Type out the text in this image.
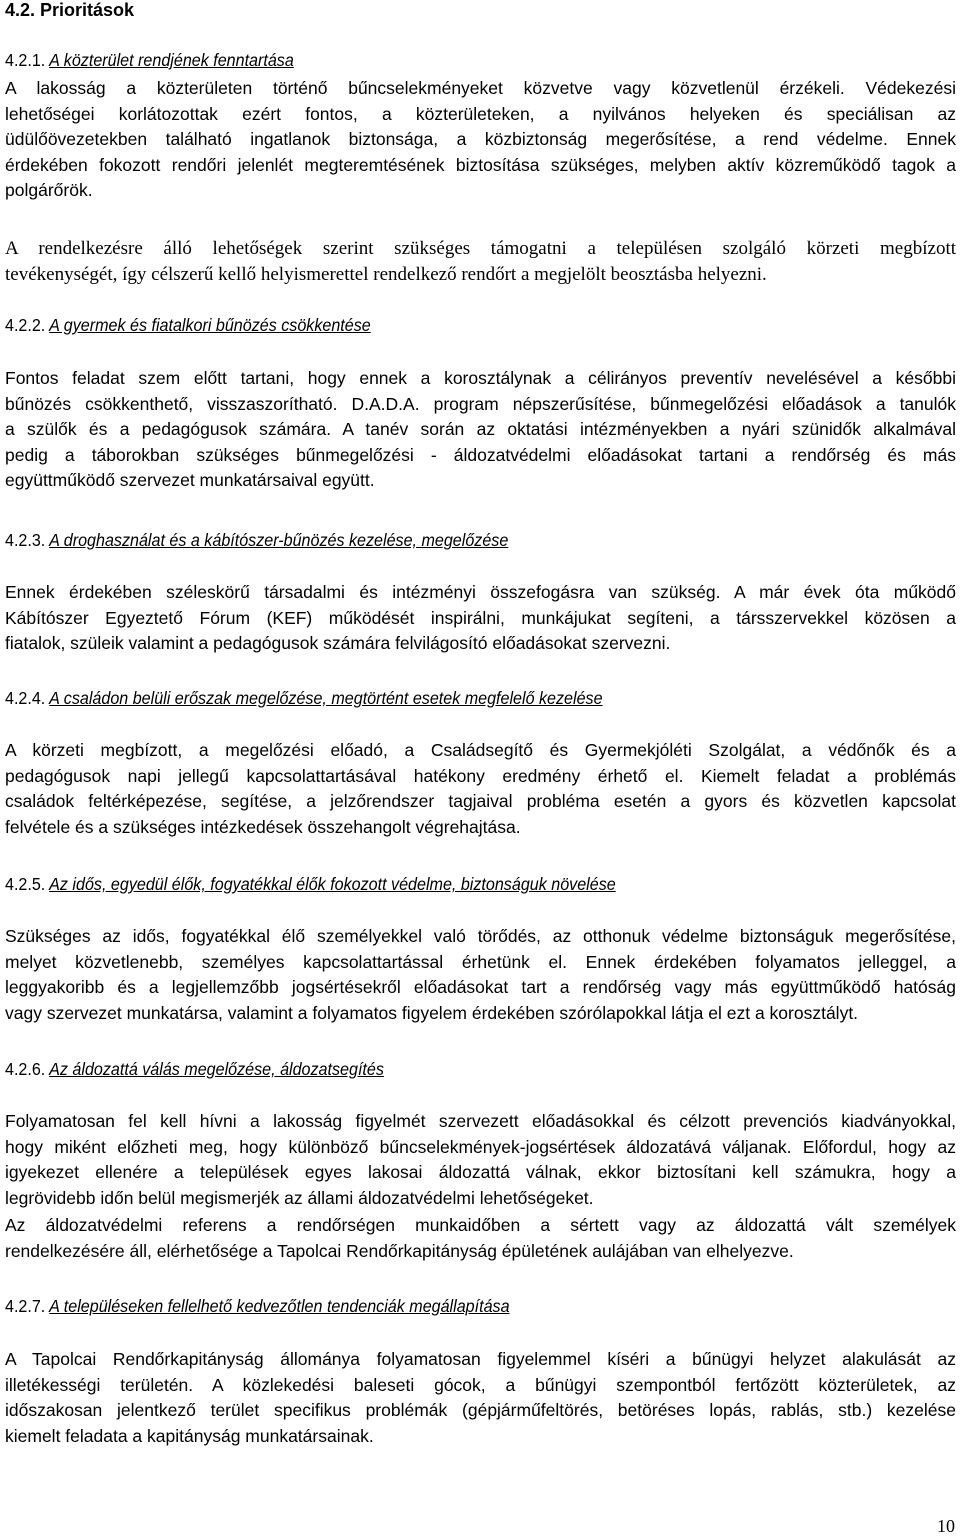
4.2. Prioritások
4.2.1. A közterület rendjének fenntartása
A lakosság a közterületen történő bűncselekményeket közvetve vagy közvetlenül érzékeli. Védekezési
lehetőségei korlátozottak ezért fontos, a közterületeken, a nyilvános helyeken és speciálisan az
üdülőövezetekben található ingatlanok biztonsága, a közbiztonság megerősítése, a rend védelme. Ennek
érdekében fokozott rendőri jelenlét megteremtésének biztosítása szükséges, melyben aktív közreműködő tagok a
polgárőrök.
A rendelkezésre álló lehetőségek szerint szükséges támogatni a településen szolgáló körzeti megbízott
tevékenységét, így célszerű kellő helyismerettel rendelkező rendőrt a megjelölt beosztásba helyezni.
4.2.2. A gyermek és fiatalkori bűnözés csökkentése
Fontos feladat szem előtt tartani, hogy ennek a korosztálynak a célirányos preventív nevelésével a későbbi
bűnözés csökkenthető, visszaszorítható. D.A.D.A. program népszerűsítése, bűnmegelőzési előadások a tanulók
a szülők és a pedagógusok számára. A tanév során az oktatási intézményekben a nyári szünidők alkalmával
pedig a táborokban szükséges bűnmegelőzési - áldozatvédelmi előadásokat tartani a rendőrség és más
együttműködő szervezet munkatársaival együtt.
4.2.3. A droghasználat és a kábítószer-bűnözés kezelése, megelőzése
Ennek érdekében széleskörű társadalmi és intézményi összefogásra van szükség. A már évek óta működő
Kábítószer Egyeztető Fórum (KEF) működését inspirálni, munkájukat segíteni, a társszervekkel közösen a
fiatalok, szüleik valamint a pedagógusok számára felvilágosító előadásokat szervezni.
4.2.4. A családon belüli erőszak megelőzése, megtörtént esetek megfelelő kezelése
A körzeti megbízott, a megelőzési előadó, a Családsegítő és Gyermekjóléti Szolgálat, a védőnők és a
pedagógusok napi jellegű kapcsolattartásával hatékony eredmény érhető el. Kiemelt feladat a problémás
családok feltérképezése, segítése, a jelzőrendszer tagjaival probléma esetén a gyors és közvetlen kapcsolat
felvétele és a szükséges intézkedések összehangolt végrehajtása.
4.2.5. Az idős, egyedül élők, fogyatékkal élők fokozott védelme, biztonságuk növelése
Szükséges az idős, fogyatékkal élő személyekkel való törődés, az otthonuk védelme biztonságuk megerősítése,
melyet közvetlenebb, személyes kapcsolattartással érhetünk el. Ennek érdekében folyamatos jelleggel, a
leggyakoribb és a legjellemzőbb jogsértésekről előadásokat tart a rendőrség vagy más együttműködő hatóság
vagy szervezet munkatársa, valamint a folyamatos figyelem érdekében szórólapokkal látja el ezt a korosztályt.
4.2.6. Az áldozattá válás megelőzése, áldozatsegítés
Folyamatosan fel kell hívni a lakosság figyelmét szervezett előadásokkal és célzott prevenciós kiadványokkal,
hogy miként előzheti meg, hogy különböző bűncselekmények-jogsértések áldozatává váljanak. Előfordul, hogy az
igyekezet ellenére a települések egyes lakosai áldozattá válnak, ekkor biztosítani kell számukra, hogy a
legrövidebb időn belül megismerjék az állami áldozatvédelmi lehetőségeket.
Az áldozatvédelmi referens a rendőrségen munkaidőben a sértett vagy az áldozattá vált személyek
rendelkezésére áll, elérhetősége a Tapolcai Rendőrkapitányság épületének aulájában van elhelyezve.
4.2.7. A településeken fellelhető kedvezőtlen tendenciák megállapítása
A Tapolcai Rendőrkapitányság állománya folyamatosan figyelemmel kíséri a bűnügyi helyzet alakulását az
illetékességi területén. A közlekedési baleseti gócok, a bűnügyi szempontból fertőzött közterületek, az
időszakosan jelentkező terület specifikus problémák (gépjárműfeltörés, betöréses lopás, rablás, stb.) kezelése
kiemelt feladata a kapitányság munkatársainak.
10
